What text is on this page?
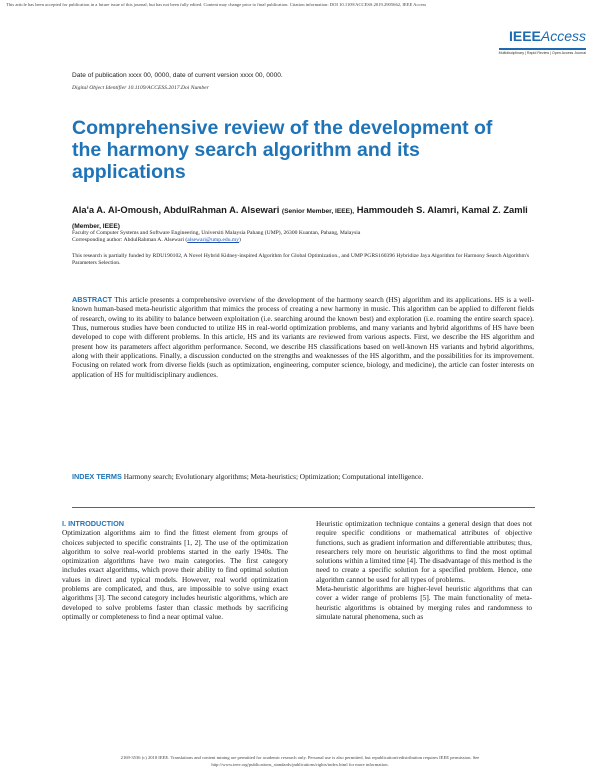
This article has been accepted for publication in a future issue of this journal, but has not been fully edited. Content may change prior to final publication. Citation information: DOI 10.1109/ACCESS.2019.2905662, IEEE Access
IEEEAccess
Multidisciplinary | Rapid Review | Open Access Journal
Date of publication xxxx 00, 0000, date of current version xxxx 00, 0000.
Digital Object Identifier 10.1109/ACCESS.2017.Doi Number
Comprehensive review of the development of the harmony search algorithm and its applications
Ala'a A. Al-Omoush, AbdulRahman A. Alsewari (Senior Member, IEEE), Hammoudeh S. Alamri, Kamal Z. Zamli (Member, IEEE)
Faculty of Computer Systems and Software Engineering, Universiti Malaysia Pahang (UMP), 26300 Kuantan, Pahang, Malaysia
Corresponding author: AbdulRahman A. Alsewari (alsewari@ump.edu.my)
This research is partially funded by RDU190102, A Novel Hybrid Kidney-inspired Algorithm for Global Optimization., and UMP PGRS160396 Hybridize Jaya Algorithm for Harmony Search Algorithm's Parameters Selection.
ABSTRACT This article presents a comprehensive overview of the development of the harmony search (HS) algorithm and its applications. HS is a well-known human-based meta-heuristic algorithm that mimics the process of creating a new harmony in music. This algorithm can be applied to different fields of research, owing to its ability to balance between exploitation (i.e. searching around the known best) and exploration (i.e. roaming the entire search space). Thus, numerous studies have been conducted to utilize HS in real-world optimization problems, and many variants and hybrid algorithms of HS have been developed to cope with different problems. In this article, HS and its variants are reviewed from various aspects. First, we describe the HS algorithm and present how its parameters affect algorithm performance. Second, we describe HS classifications based on well-known HS variants and hybrid algorithms, along with their applications. Finally, a discussion conducted on the strengths and weaknesses of the HS algorithm, and the possibilities for its improvement. Focusing on related work from diverse fields (such as optimization, engineering, computer science, biology, and medicine), the article can foster interests on application of HS for multidisciplinary audiences.
INDEX TERMS Harmony search; Evolutionary algorithms; Meta-heuristics; Optimization; Computational intelligence.
I. INTRODUCTION

Optimization algorithms aim to find the fittest element from groups of choices subjected to specific constraints [1, 2]. The use of the optimization algorithm to solve real-world problems started in the early 1940s. The optimization algorithms have two main categories. The first category includes exact algorithms, which prove their ability to find optimal solution values in direct and typical models. However, real world optimization problems are complicated, and thus, are impossible to solve using exact algorithms [3]. The second category includes heuristic algorithms, which are developed to solve problems faster than classic methods by sacrificing optimally or completeness to find a near optimal value.

Heuristic optimization technique contains a general design that does not require specific conditions or mathematical attributes of objective functions, such as gradient information and differentiable attributes; thus, researchers rely more on heuristic algorithms to find the most optimal solutions within a limited time [4]. The disadvantage of this method is the need to create a specific solution for a specified problem. Hence, one algorithm cannot be used for all types of problems.

Meta-heuristic algorithms are higher-level heuristic algorithms that can cover a wider range of problems [5]. The main functionality of meta-heuristic algorithms is obtained by merging rules and randomness to simulate natural phenomena, such as

2169-3536 (c) 2018 IEEE. Translations and content mining are permitted for academic research only. Personal use is also permitted, but republication/redistribution requires IEEE permission. See
http://www.ieee.org/publications_standards/publications/rights/index.html for more information.
